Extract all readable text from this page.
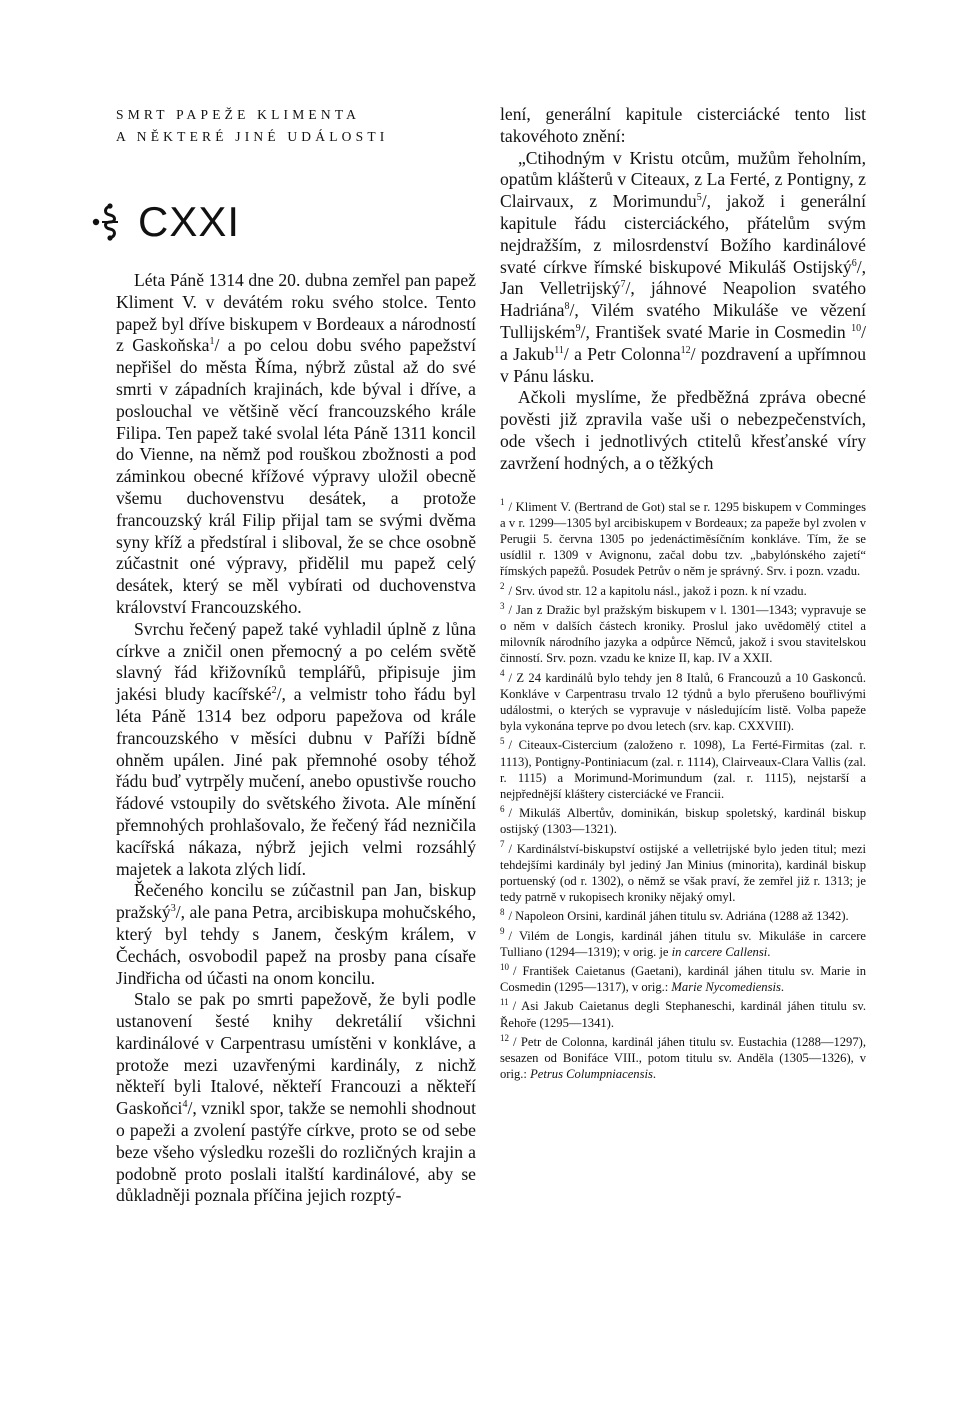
SMRT PAPEŽE KLIMENTA

A NĚKTERÉ JINÉ UDÁLOSTI

CXXI

Léta Páně 1314 dne 20. dubna zemřel pan papež Kliment V. v devátém roku svého stolce. Tento papež byl dříve biskupem v Bordeaux a národností z Gaskoňska$^1$/ a po celou dobu svého papežství nepřišel do města Říma, nýbrž zůstal až do své smrti v západních krajinách, kde býval i dříve, a poslouchal ve většině věcí francouzského krále Filipa. Ten papež také svolal léta Páně 1311 koncil do Vienne, na němž pod rouškou zbožnosti a pod záminkou obecné křížové výpravy uložil obecně všemu duchovenstvu desátek, a protože francouzský král Filip přijal tam se svými dvěma syny kříž a předstíral i sliboval, že se chce osobně zúčastnit oné výpravy, přidělil mu papež celý desátek, který se měl vybírati od duchovenstva království Francouzského.

Svrchu řečený papež také vyhladil úplně z lůna církve a zničil onen přemocný a po celém světě slavný řád křižovníků templářů, připisuje jim jakési bludy kacířské$^2$/, a velmistr toho řádu byl léta Páně 1314 bez odporu papežova od krále francouzského v měsíci dubnu v Paříži bídně ohněm upálen. Jiné pak přemnohé osoby téhož řádu buď vytrpěly mučení, anebo opustivše roucho řádové vstoupily do světského života. Ale mínění přemnohých prohlašovalo, že řečený řád nezničila kacířská nákaza, nýbrž jejich velmi rozsáhlý majetek a lakota zlých lidí.

Řečeného koncilu se zúčastnil pan Jan, biskup pražský$^3$/, ale pana Petra, arcibiskupa mohučského, který byl tehdy s Janem, českým králem, v Čechách, osvobodil papež na prosby pana císaře Jindřicha od účasti na onom koncilu.

Stalo se pak po smrti papežově, že byli podle ustanovení šesté knihy dekretálií všichni kardinálové v Carpentrasu umístěni v konkláve, a protože mezi uzavřenými kardinály, z nichž někteří byli Italové, někteří Francouzi a někteří Gaskoňci$^4$/, vznikl spor, takže se nemohli shodnout o papeži a zvolení pastýře církve, proto se od sebe beze všeho výsledku rozešli do rozličných krajin a podobně proto poslali italští kardinálové, aby se důkladněji poznala příčina jejich rozptý-

lení, generální kapitule cisterciácké tento list takovéhoto znění:

„Ctihodným v Kristu otcům, mužům řeholním, opatům klášterů v Citeaux, z La Ferté, z Pontigny, z Clairvaux, z Morimundu$^5$/, jakož i generální kapitule řádu cisterciáckého, přátelům svým nejdražším, z milosrdenství Božího kardinálové svaté církve římské biskupové Mikuláš Ostijský$^6$/, Jan Velletrijský$^7$/, jáhnové Neapolion svatého Hadriána$^8$/, Vilém svatého Mikuláše ve vězení Tullijském$^9$/, František svaté Marie in Cosmedin $^{10}$/ a Jakub$^{11}$/ a Petr Colonna$^{12}$/ pozdravení a upřímnou v Pánu lásku.

Ačkoli myslíme, že předběžná zpráva obecné pověsti již zpravila vaše uši o nebezpečenstvích, ode všech i jednotlivých ctitelů křesťanské víry zavržení hodných, a o těžkých

$^1$ / Kliment V. (Bertrand de Got) stal se r. 1295 biskupem v Comminges a v r. 1299—1305 byl arcibiskupem v Bordeaux; za papeže byl zvolen v Perugii 5. června 1305 po jedenáctiměsíčním konkláve. Tím, že se usídlil r. 1309 v Avignonu, začal dobu tzv. „babylónského zajetí“ římských papežů. Posudek Petrův o něm je správný. Srv. i pozn. vzadu.

$^2$ / Srv. úvod str. 12 a kapitolu násl., jakož i pozn. k ní vzadu.

$^3$ / Jan z Dražic byl pražským biskupem v l. 1301—1343; vypravuje se o něm v dalších částech kroniky. Proslul jako uvědomělý ctitel a milovník národního jazyka a odpůrce Němců, jakož i svou stavitelskou činností. Srv. pozn. vzadu ke knize II, kap. IV a XXII.

$^4$ / Z 24 kardinálů bylo tehdy jen 8 Italů, 6 Francouzů a 10 Gaskonců. Konkláve v Carpentrasu trvalo 12 týdnů a bylo přerušeno bouřlivými událostmi, o kterých se vypravuje v následujícím listě. Volba papeže byla vykonána teprve po dvou letech (srv. kap. CXXVIII).

$^5$ / Citeaux-Cistercium (založeno r. 1098), La Ferté-Firmitas (zal. r. 1113), Pontigny-Pontiniacum (zal. r. 1114), Clairveaux-Clara Vallis (zal. r. 1115) a Morimund-Morimundum (zal. r. 1115), nejstarší a nejpřednější kláštery cisterciácké ve Francii.

$^6$ / Mikuláš Albertův, dominikán, biskup spoletský, kardinál biskup ostijský (1303—1321).

$^7$ / Kardinálství-biskupství ostijské a velletrijské bylo jeden titul; mezi tehdejšími kardinály byl jediný Jan Minius (minorita), kardinál biskup portuenský (od r. 1302), o němž se však praví, že zemřel již r. 1313; je tedy patrně v rukopisech kroniky nějaký omyl.

$^8$ / Napoleon Orsini, kardinál jáhen titulu sv. Adriána (1288 až 1342).

$^9$ / Vilém de Longis, kardinál jáhen titulu sv. Mikuláše in carcere Tulliano (1294—1319); v orig. je in carcere Callensi.

$^{10}$ / František Caietanus (Gaetani), kardinál jáhen titulu sv. Marie in Cosmedin (1295—1317), v orig.: Marie Nycomediensis.

$^{11}$ / Asi Jakub Caietanus degli Stephaneschi, kardinál jáhen titulu sv. Řehoře (1295—1341).

$^{12}$ / Petr de Colonna, kardinál jáhen titulu sv. Eustachia (1288—1297), sesazen od Bonifáce VIII., potom titulu sv. Anděla (1305—1326), v orig.: Petrus Columpniacensis.
